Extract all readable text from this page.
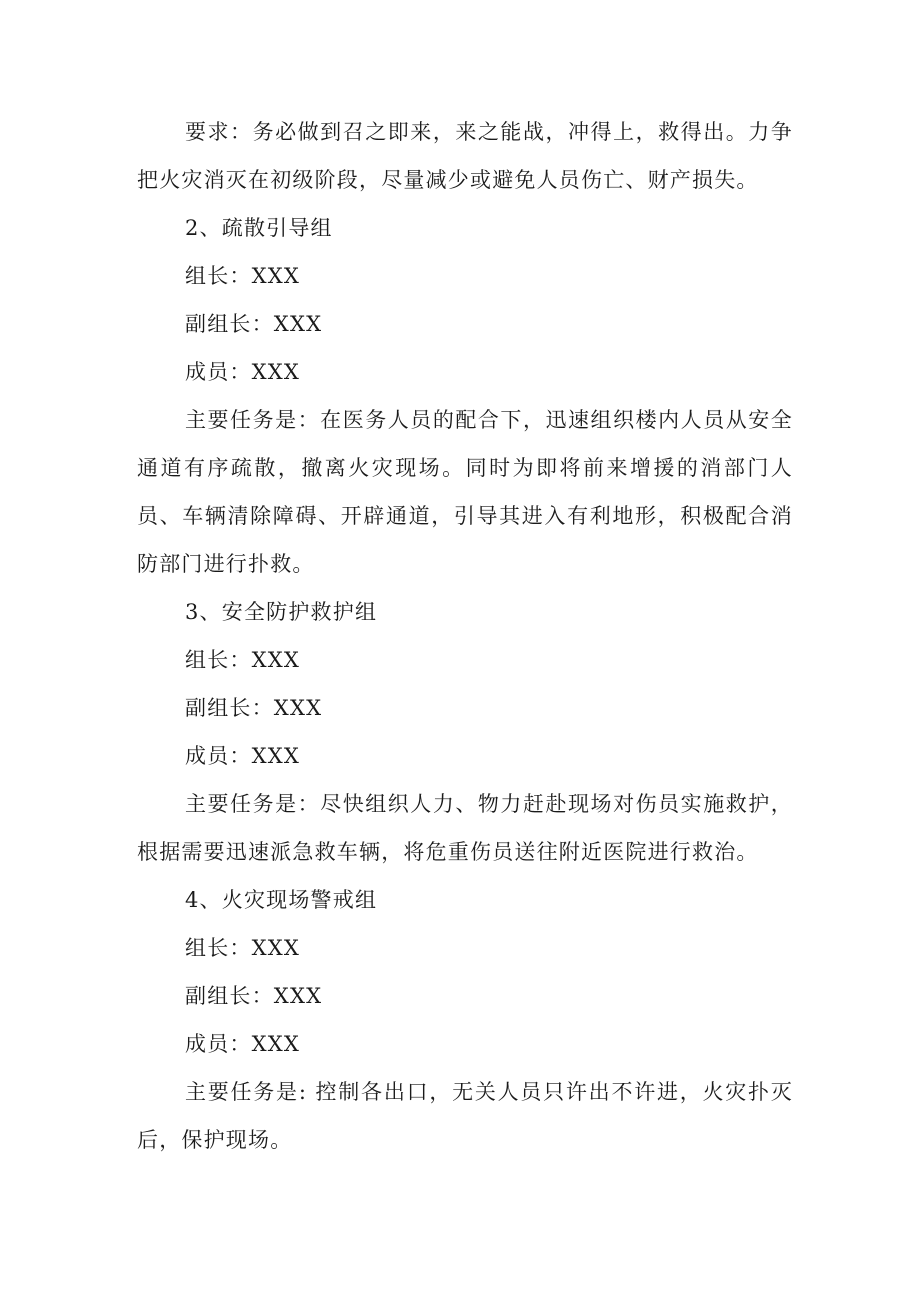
要求：务必做到召之即来，来之能战，冲得上，救得出。力争把火灾消灭在初级阶段，尽量减少或避免人员伤亡、财产损失。

2、疏散引导组

组长：XXX

副组长：XXX

成员：XXX

主要任务是：在医务人员的配合下，迅速组织楼内人员从安全通道有序疏散，撤离火灾现场。同时为即将前来增援的消部门人员、车辆清除障碍、开辟通道，引导其进入有利地形，积极配合消防部门进行扑救。

3、安全防护救护组

组长：XXX

副组长：XXX

成员：XXX

主要任务是：尽快组织人力、物力赶赴现场对伤员实施救护，根据需要迅速派急救车辆，将危重伤员送往附近医院进行救治。

4、火灾现场警戒组

组长：XXX

副组长：XXX

成员：XXX

主要任务是: 控制各出口，无关人员只许出不许进，火灾扑灭后，保护现场。
